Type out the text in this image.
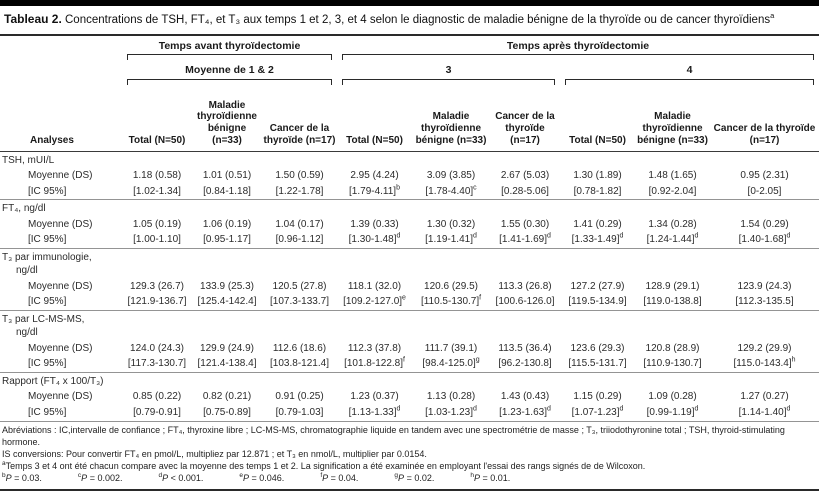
Tableau 2. Concentrations de TSH, FT₄, et T₃ aux temps 1 et 2, 3, et 4 selon le diagnostic de maladie bénigne de la thyroïde ou de cancer thyroïdiens$^a$

	Temps avant thyroïdectomie			Temps après thyroïdectomie					

	Moyenne de 1 & 2			3			4		

Analyses	Total (N=50)	Maladie thyroïdienne bénigne (n=33)	Cancer de la thyroïde (n=17)	Total (N=50)	Maladie thyroïdienne bénigne (n=33)	Cancer de la thyroïde (n=17)	Total (N=50)	Maladie thyroïdienne bénigne (n=33)	Cancer de la thyroïde (n=17)

TSH, mUI/L									

Moyenne (DS)	1.18 (0.58)	1.01 (0.51)	1.50 (0.59)	2.95 (4.24)	3.09 (3.85)	2.67 (5.03)	1.30 (1.89)	1.48 (1.65)	0.95 (2.31)
[IC 95%]	[1.02-1.34]	[0.84-1.18]	[1.22-1.78]	$[1.79-4.11]^b$	$[1.78-4.40]^c$	[0.28-5.06]	[0.78-1.82]	[0.92-2.04]	[0-2.05]

FT₄, ng/dl									

Moyenne (DS)	1.05 (0.19)	1.06 (0.19)	1.04 (0.17)	1.39 (0.33)	1.30 (0.32)	1.55 (0.30)	1.41 (0.29)	1.34 (0.28)	1.54 (0.29)
[IC 95%]	[1.00-1.10]	[0.95-1.17]	[0.96-1.12]	$[1.30-1.48]^d$	$[1.19-1.41]^d$	$[1.41-1.69]^d$	$[1.33-1.49]^d$	$[1.24-1.44]^d$	$[1.40-1.68]^d$

T₃ par immunologie,
ng/dl									

Moyenne (DS)	129.3 (26.7)	133.9 (25.3)	120.5 (27.8)	118.1 (32.0)	120.6 (29.5)	113.3 (26.8)	127.2 (27.9)	128.9 (29.1)	123.9 (24.3)
[IC 95%]	[121.9-136.7]	[125.4-142.4]	[107.3-133.7]	$[109.2-127.0]^e$	$[110.5-130.7]^f$	[100.6-126.0]	[119.5-134.9]	[119.0-138.8]	[112.3-135.5]

T₃ par LC-MS-MS,
ng/dl									

Moyenne (DS)	124.0 (24.3)	129.9 (24.9)	112.6 (18.6)	112.3 (37.8)	111.7 (39.1)	113.5 (36.4)	123.6 (29.3)	120.8 (28.9)	129.2 (29.9)
[IC 95%]	[117.3-130.7]	[121.4-138.4]	[103.8-121.4]	$[101.8-122.8]^f$	$[98.4-125.0]^g$	[96.2-130.8]	[115.5-131.7]	[110.9-130.7]	$[115.0-143.4]^h$

Rapport (FT₄ x 100/T₃)									

Moyenne (DS)	0.85 (0.22)	0.82 (0.21)	0.91 (0.25)	1.23 (0.37)	1.13 (0.28)	1.43 (0.43)	1.15 (0.29)	1.09 (0.28)	1.27 (0.27)
[IC 95%]	[0.79-0.91]	[0.75-0.89]	[0.79-1.03]	$[1.13-1.33]^d$	$[1.03-1.23]^d$	$[1.23-1.63]^d$	$[1.07-1.23]^d$	$[0.99-1.19]^d$	$[1.14-1.40]^d$
Abréviations : IC,intervalle de confiance ; FT₄, thyroxine libre ; LC-MS-MS, chromatographie liquide en tandem avec une spectrométrie de masse ; T₃, triiodothyronine total ; TSH, thyroid-stimulating hormone.
IS conversions: Pour convertir FT₄ en pmol/L, multipliez par 12.871 ; et T₃ en nmol/L, multiplier par 0.0154.
$^a$Temps 3 et 4 ont été chacun compare avec la moyenne des temps 1 et 2. La signification a été examinée en employant l'essai des rangs signés de de Wilcoxon.
$^b$P = 0.03.	$^c$P = 0.002.	$^d$P < 0.001.	$^e$P = 0.046.	$^f$P = 0.04.	$^g$P = 0.02.	$^h$P = 0.01.
